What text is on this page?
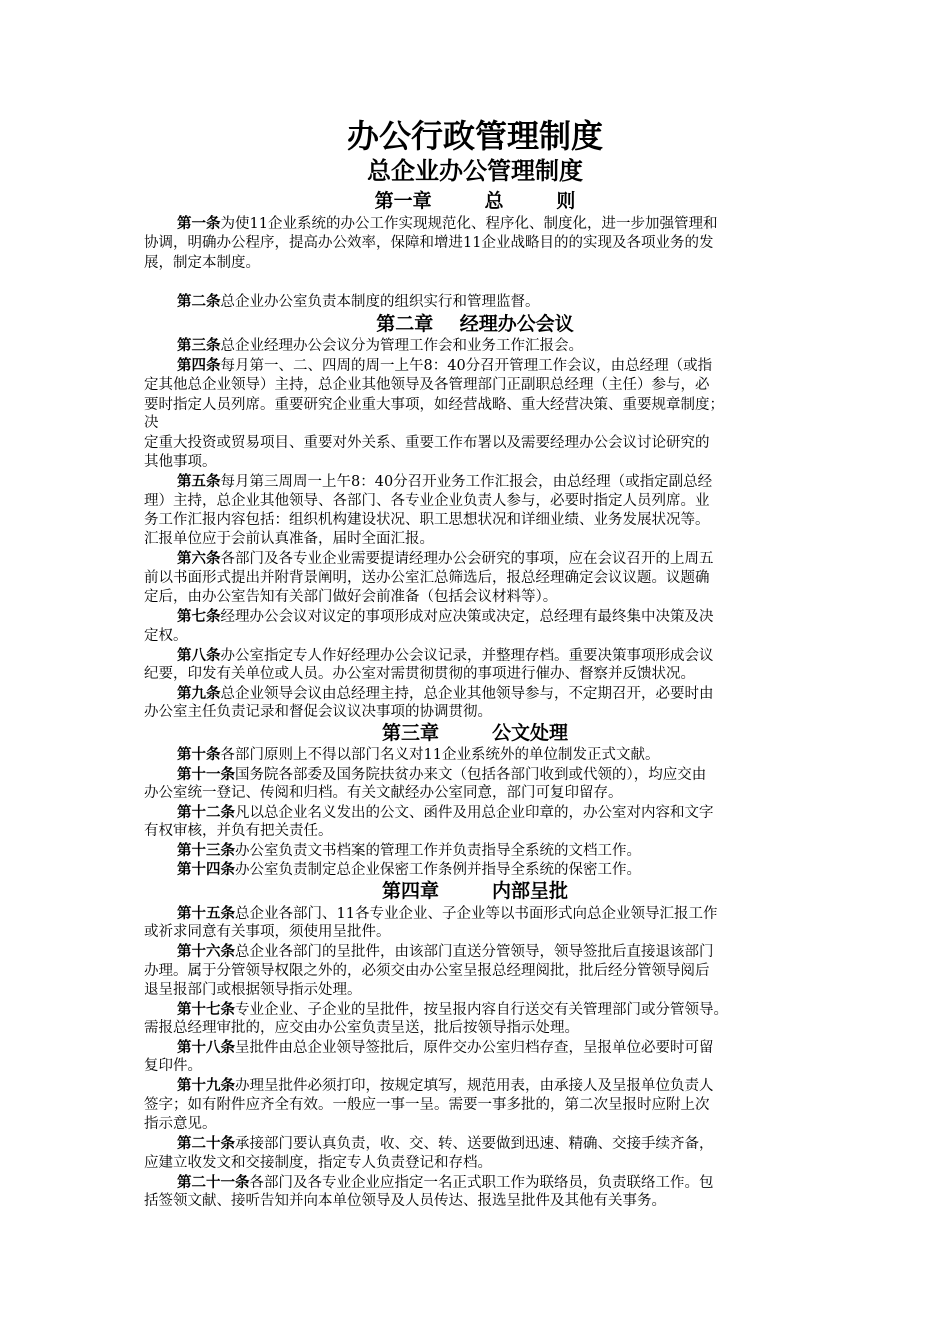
办公行政管理制度
总企业办公管理制度
第一章        总        则
第一条为使11企业系统的办公工作实现规范化、程序化、制度化，进一步加强管理和
协调，明确办公程序，提高办公效率，保障和增进11企业战略目的的实现及各项业务的发
展，制定本制度。
第二条总企业办公室负责本制度的组织实行和管理监督。
第二章    经理办公会议
第三条总企业经理办公会议分为管理工作会和业务工作汇报会。
第四条每月第一、二、四周的周一上午8：40分召开管理工作会议，由总经理（或指
定其他总企业领导）主持，总企业其他领导及各管理部门正副职总经理（主任）参与，必
要时指定人员列席。重要研究企业重大事项，如经营战略、重大经营决策、重要规章制度；
决
定重大投资或贸易项目、重要对外关系、重要工作布署以及需要经理办公会议讨论研究的
其他事项。
第五条每月第三周周一上午8：40分召开业务工作汇报会，由总经理（或指定副总经
理）主持，总企业其他领导、各部门、各专业企业负责人参与，必要时指定人员列席。业
务工作汇报内容包括：组织机构建设状况、职工思想状况和详细业绩、业务发展状况等。
汇报单位应于会前认真准备，届时全面汇报。
第六条各部门及各专业企业需要提请经理办公会研究的事项，应在会议召开的上周五
前以书面形式提出并附背景阐明，送办公室汇总筛选后，报总经理确定会议议题。议题确
定后，由办公室告知有关部门做好会前准备（包括会议材料等）。
第七条经理办公会议对议定的事项形成对应决策或决定，总经理有最终集中决策及决
定权。
第八条办公室指定专人作好经理办公会议记录，并整理存档。重要决策事项形成会议
纪要，印发有关单位或人员。办公室对需贯彻贯彻的事项进行催办、督察并反馈状况。
第九条总企业领导会议由总经理主持，总企业其他领导参与，不定期召开，必要时由
办公室主任负责记录和督促会议议决事项的协调贯彻。
第三章        公文处理
第十条各部门原则上不得以部门名义对11企业系统外的单位制发正式文献。
第十一条国务院各部委及国务院扶贫办来文（包括各部门收到或代领的），均应交由
办公室统一登记、传阅和归档。有关文献经办公室同意，部门可复印留存。
第十二条凡以总企业名义发出的公文、函件及用总企业印章的，办公室对内容和文字
有权审核，并负有把关责任。
第十三条办公室负责文书档案的管理工作并负责指导全系统的文档工作。
第十四条办公室负责制定总企业保密工作条例并指导全系统的保密工作。
第四章        内部呈批
第十五条总企业各部门、11各专业企业、子企业等以书面形式向总企业领导汇报工作
或祈求同意有关事项，须使用呈批件。
第十六条总企业各部门的呈批件，由该部门直送分管领导，领导签批后直接退该部门
办理。属于分管领导权限之外的，必须交由办公室呈报总经理阅批，批后经分管领导阅后
退呈报部门或根据领导指示处理。
第十七条专业企业、子企业的呈批件，按呈报内容自行送交有关管理部门或分管领导。
需报总经理审批的，应交由办公室负责呈送，批后按领导指示处理。
第十八条呈批件由总企业领导签批后，原件交办公室归档存查，呈报单位必要时可留
复印件。
第十九条办理呈批件必须打印，按规定填写，规范用表，由承接人及呈报单位负责人
签字；如有附件应齐全有效。一般应一事一呈。需要一事多批的，第二次呈报时应附上次
指示意见。
第二十条承接部门要认真负责，收、交、转、送要做到迅速、精确、交接手续齐备，
应建立收发文和交接制度，指定专人负责登记和存档。
第二十一条各部门及各专业企业应指定一名正式职工作为联络员，负责联络工作。包
括签领文献、接听告知并向本单位领导及人员传达、报选呈批件及其他有关事务。
